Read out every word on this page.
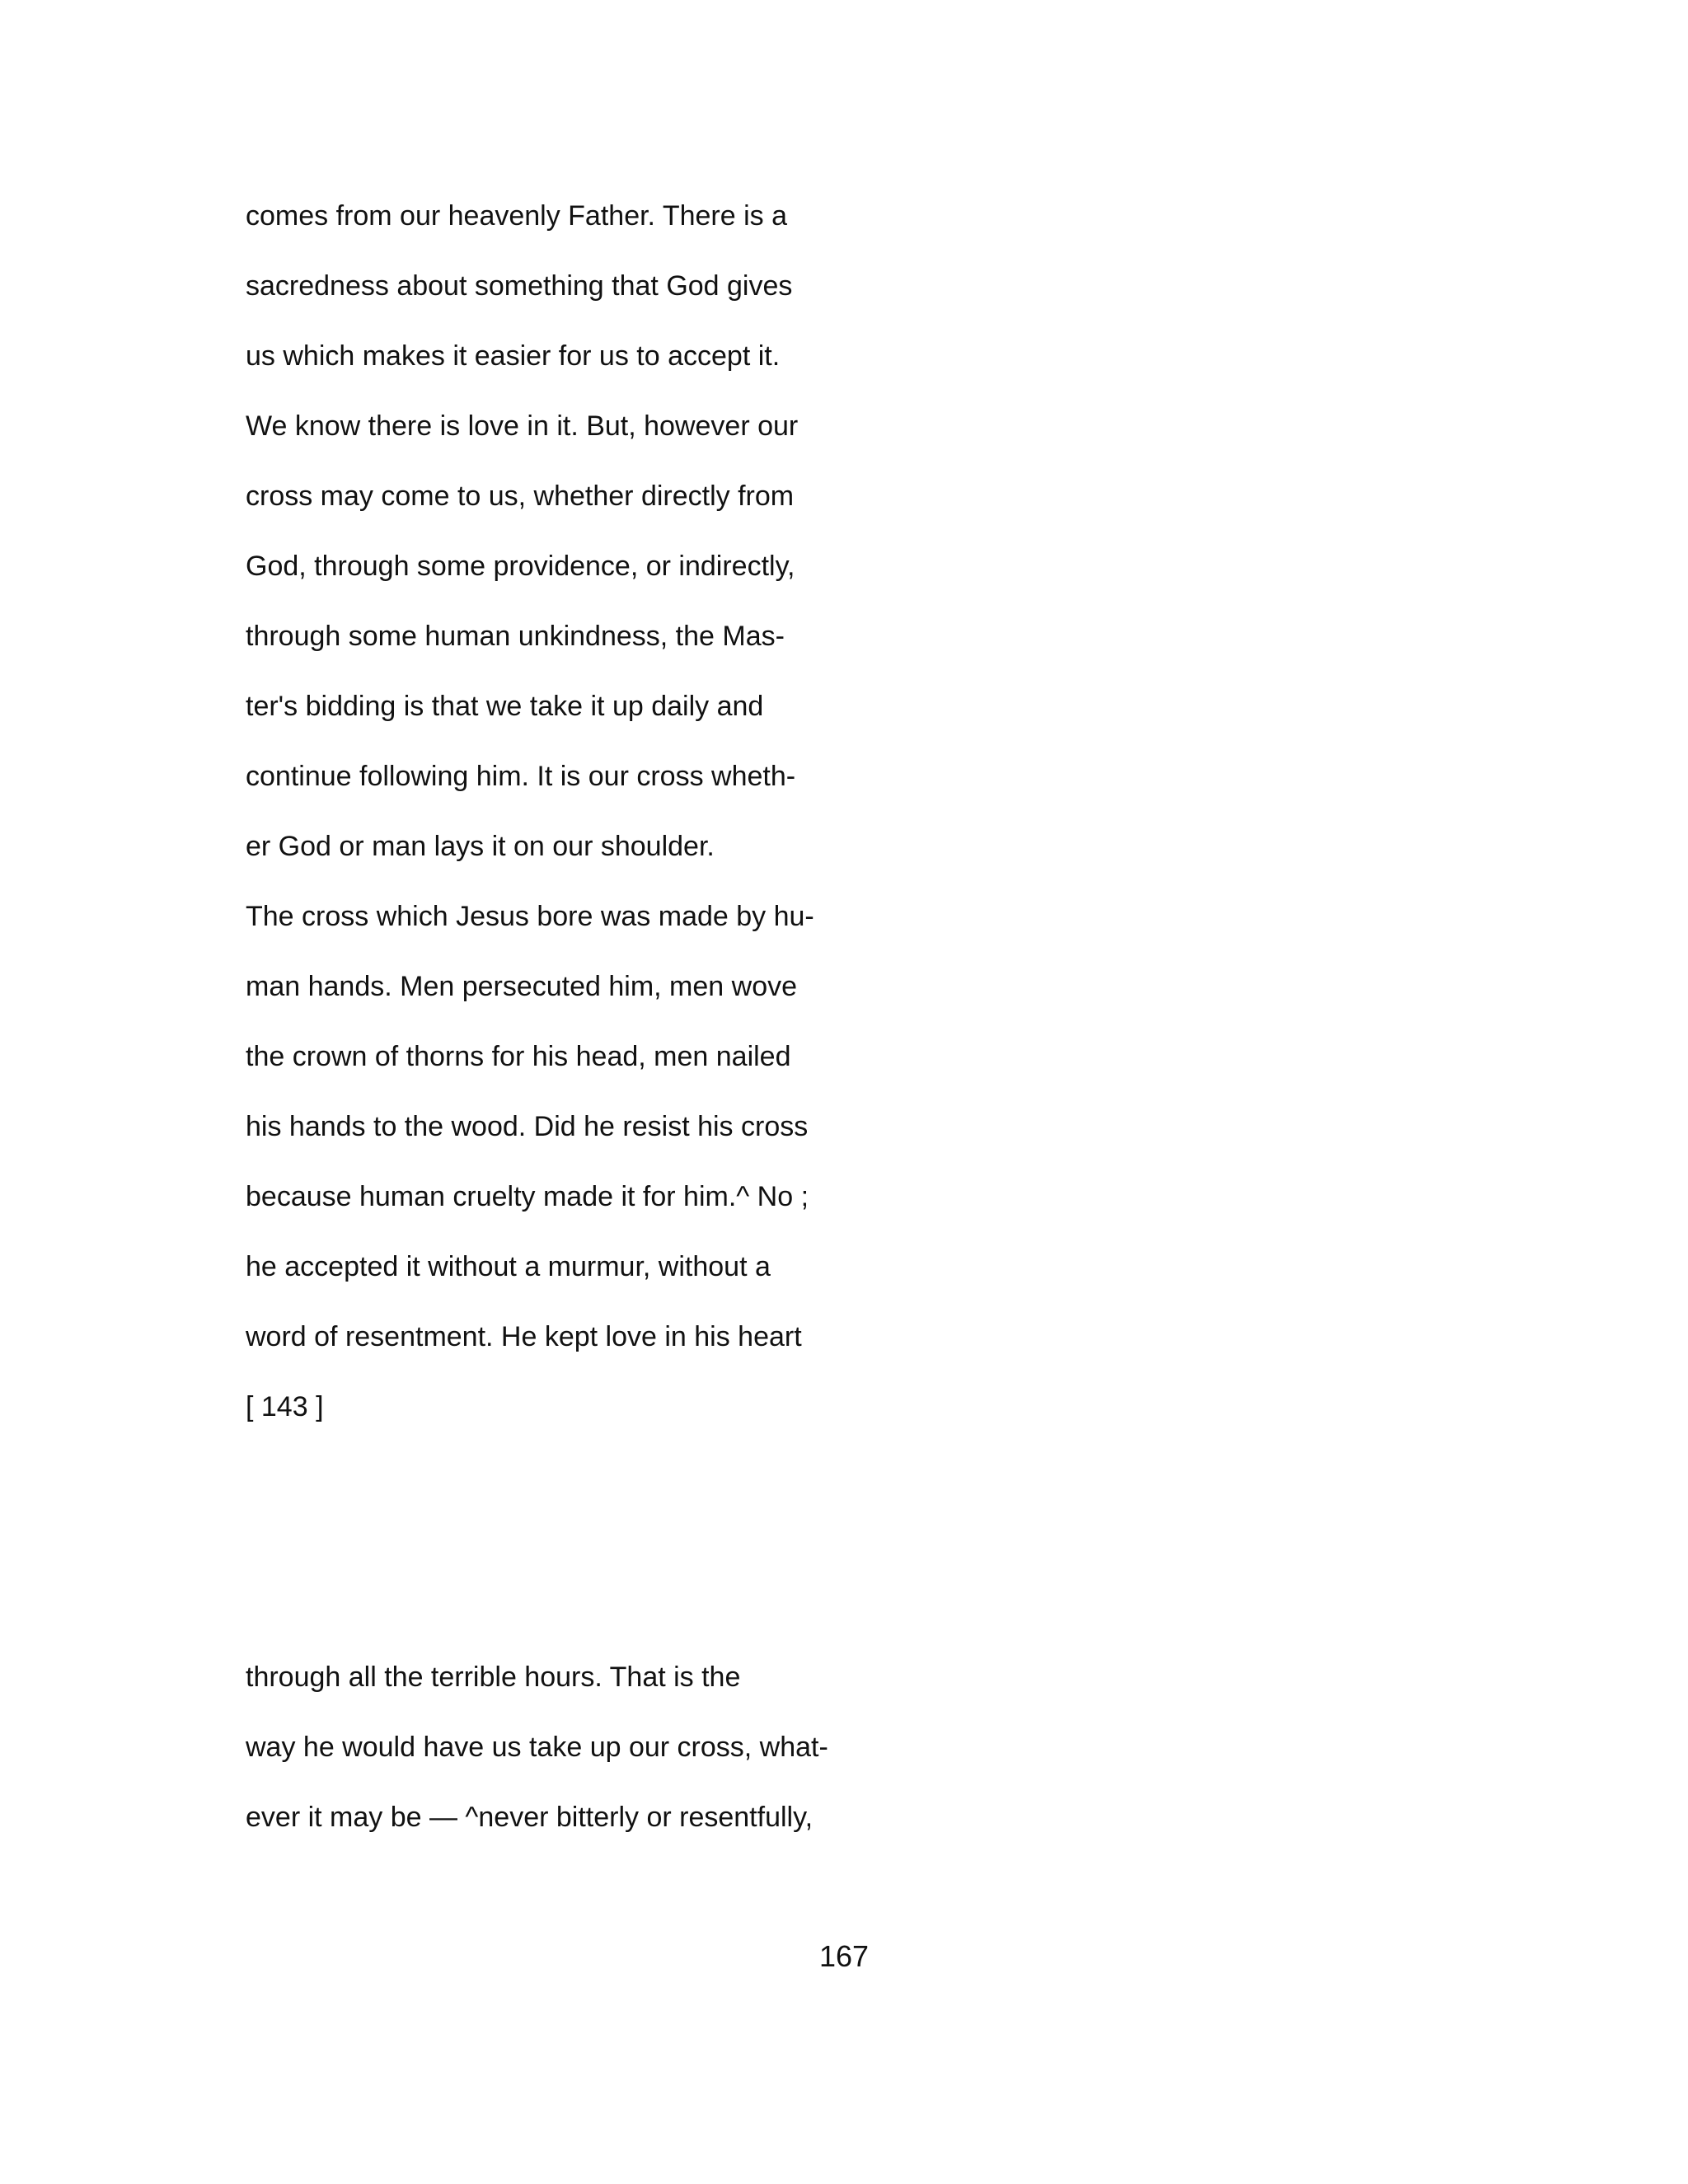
comes from our heavenly Father. There is a
sacredness about something that God gives
us which makes it easier for us to accept it.
We know there is love in it. But, however our
cross may come to us, whether directly from
God, through some providence, or indirectly,
through some human unkindness, the Mas-
ter's bidding is that we take it up daily and
continue following him. It is our cross wheth-
er God or man lays it on our shoulder.
The cross which Jesus bore was made by hu-
man hands. Men persecuted him, men wove
the crown of thorns for his head, men nailed
his hands to the wood. Did he resist his cross
because human cruelty made it for him.^ No ;
he accepted it without a murmur, without a
word of resentment. He kept love in his heart
[ 143 ]
through all the terrible hours. That is the
way he would have us take up our cross, what-
ever it may be — ^never bitterly or resentfully,
167
